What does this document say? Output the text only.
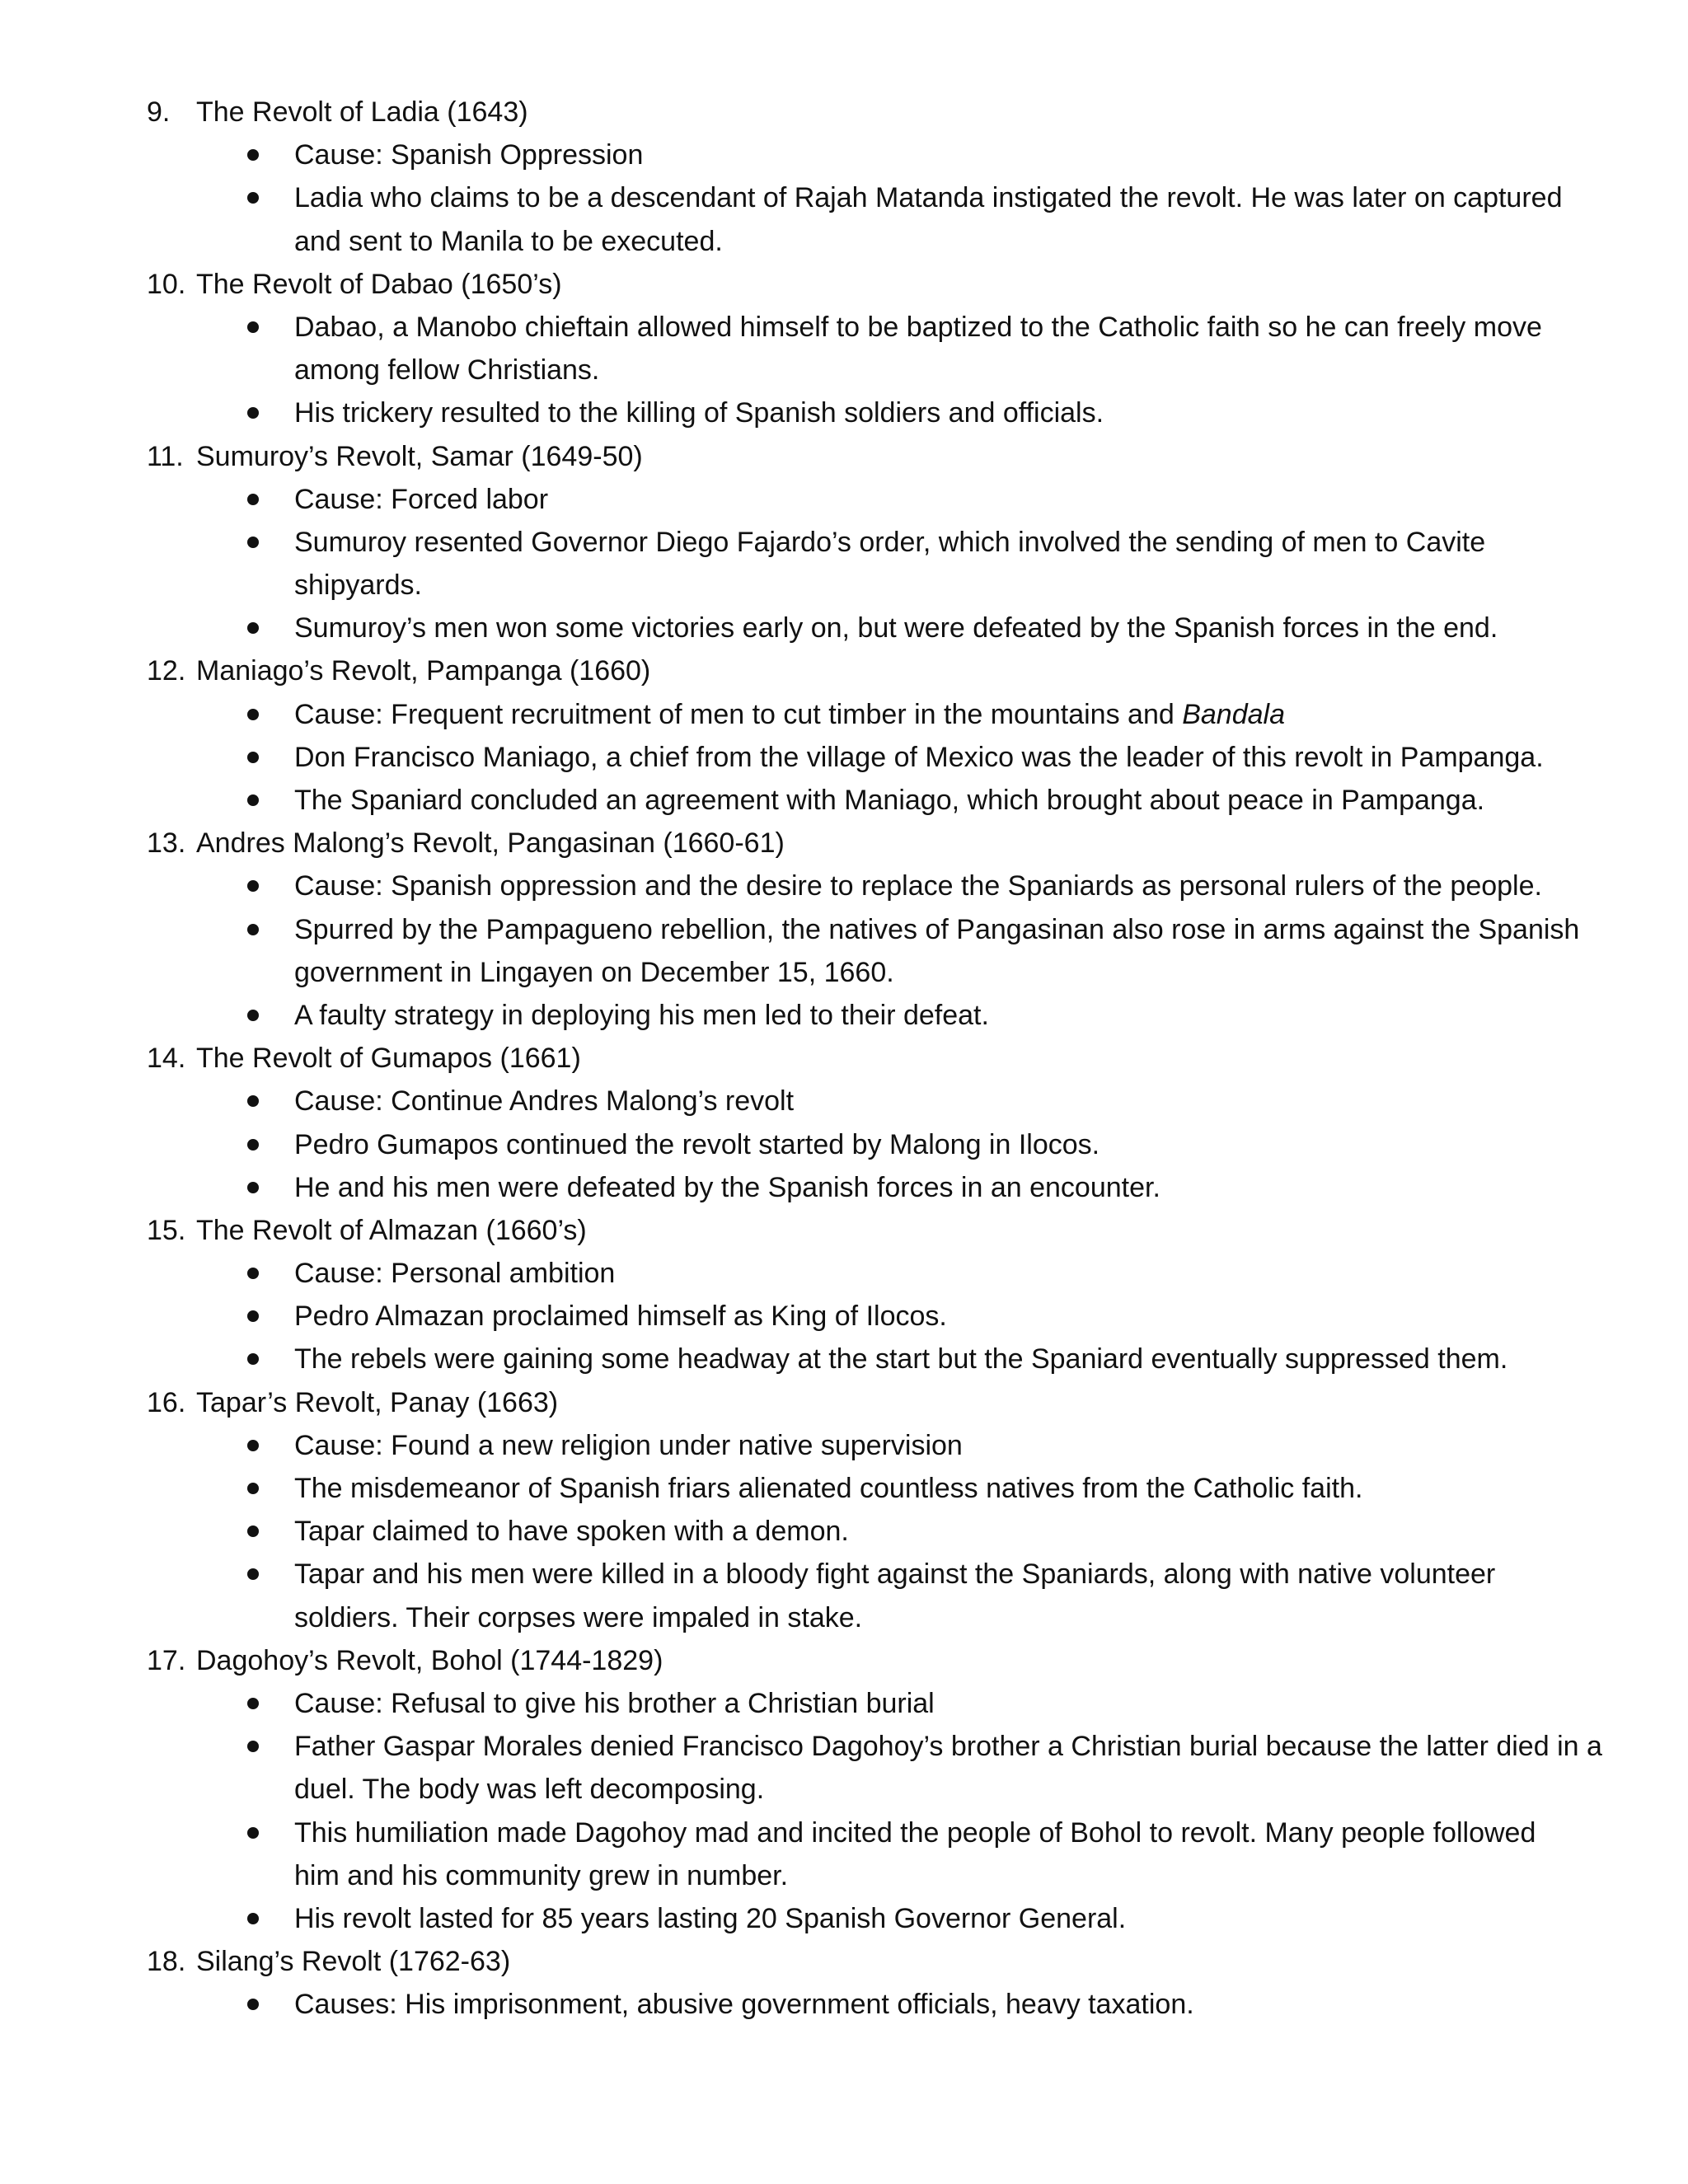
9. The Revolt of Ladia (1643)
Cause: Spanish Oppression
Ladia who claims to be a descendant of Rajah Matanda instigated the revolt. He was later on captured
and sent to Manila to be executed.
10. The Revolt of Dabao (1650’s)
Dabao, a Manobo chieftain allowed himself to be baptized to the Catholic faith so he can freely move
among fellow Christians.
His trickery resulted to the killing of Spanish soldiers and officials.
11. Sumuroy’s Revolt, Samar (1649-50)
Cause: Forced labor
Sumuroy resented Governor Diego Fajardo’s order, which involved the sending of men to Cavite
shipyards.
Sumuroy’s men won some victories early on, but were defeated by the Spanish forces in the end.
12. Maniago’s Revolt, Pampanga (1660)
Cause: Frequent recruitment of men to cut timber in the mountains and Bandala
Don Francisco Maniago, a chief from the village of Mexico was the leader of this revolt in Pampanga.
The Spaniard concluded an agreement with Maniago, which brought about peace in Pampanga.
13. Andres Malong’s Revolt, Pangasinan (1660-61)
Cause: Spanish oppression and the desire to replace the Spaniards as personal rulers of the people.
Spurred by the Pampagueno rebellion, the natives of Pangasinan also rose in arms against the Spanish
government in Lingayen on December 15, 1660.
A faulty strategy in deploying his men led to their defeat.
14. The Revolt of Gumapos (1661)
Cause: Continue Andres Malong’s revolt
Pedro Gumapos continued the revolt started by Malong in Ilocos.
He and his men were defeated by the Spanish forces in an encounter.
15. The Revolt of Almazan (1660’s)
Cause: Personal ambition
Pedro Almazan proclaimed himself as King of Ilocos.
The rebels were gaining some headway at the start but the Spaniard eventually suppressed them.
16. Tapar’s Revolt, Panay (1663)
Cause: Found a new religion under native supervision
The misdemeanor of Spanish friars alienated countless natives from the Catholic faith.
Tapar claimed to have spoken with a demon.
Tapar and his men were killed in a bloody fight against the Spaniards, along with native volunteer
soldiers. Their corpses were impaled in stake.
17. Dagohoy’s Revolt, Bohol (1744-1829)
Cause: Refusal to give his brother a Christian burial
Father Gaspar Morales denied Francisco Dagohoy’s brother a Christian burial because the latter died in a
duel. The body was left decomposing.
This humiliation made Dagohoy mad and incited the people of Bohol to revolt. Many people followed
him and his community grew in number.
His revolt lasted for 85 years lasting 20 Spanish Governor General.
18. Silang’s Revolt (1762-63)
Causes: His imprisonment, abusive government officials, heavy taxation.
